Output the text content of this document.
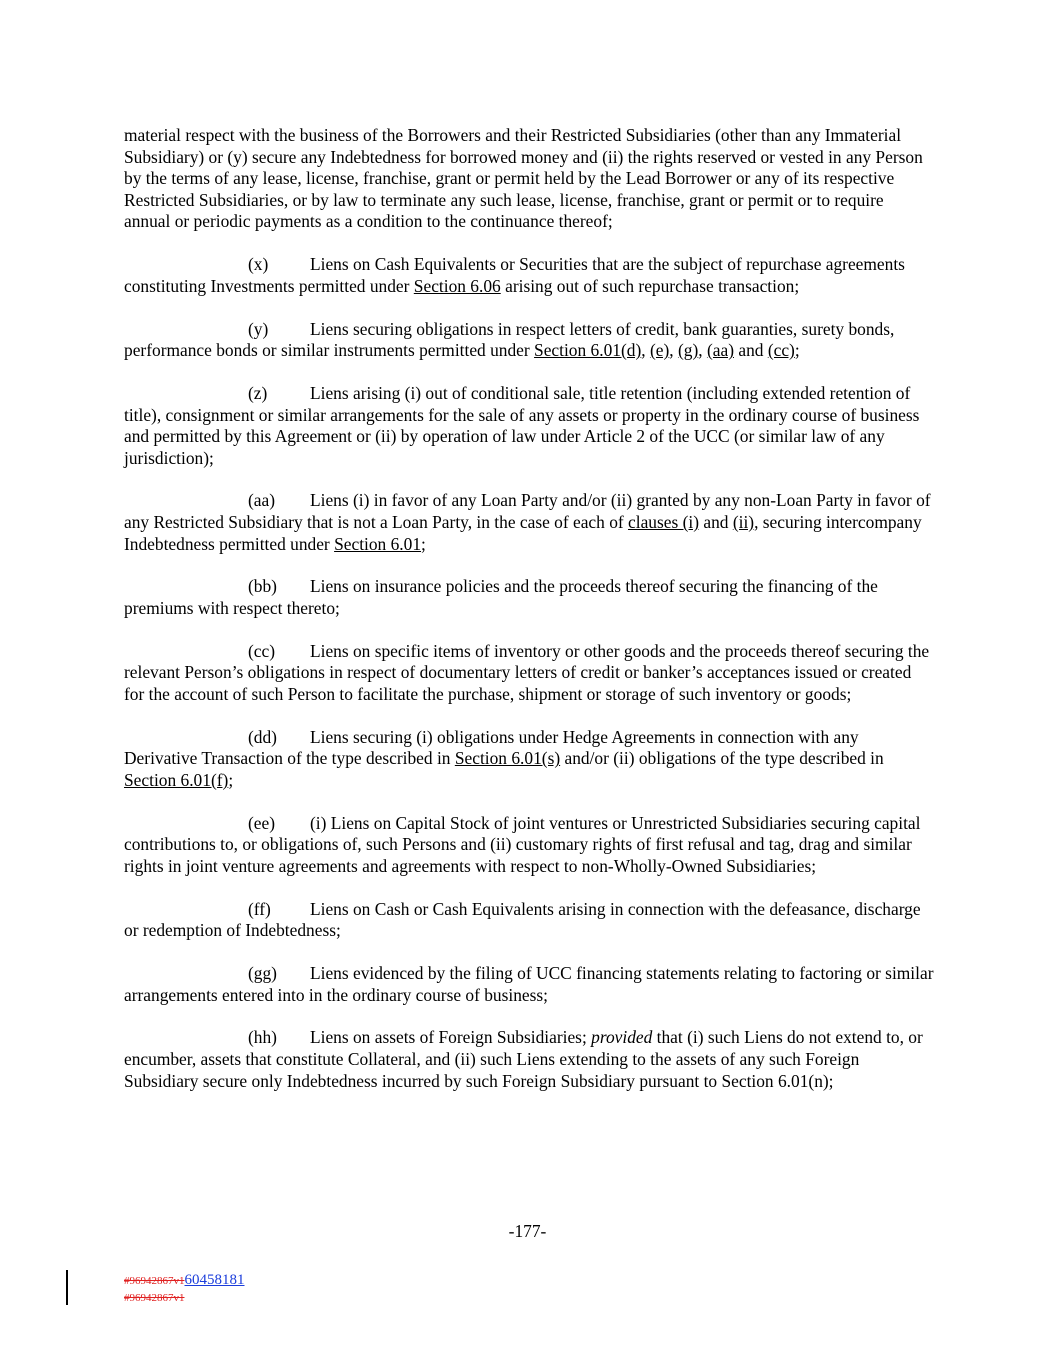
material respect with the business of the Borrowers and their Restricted Subsidiaries (other than any Immaterial Subsidiary) or (y) secure any Indebtedness for borrowed money and (ii) the rights reserved or vested in any Person by the terms of any lease, license, franchise, grant or permit held by the Lead Borrower or any of its respective Restricted Subsidiaries, or by law to terminate any such lease, license, franchise, grant or permit or to require annual or periodic payments as a condition to the continuance thereof;

(x) Liens on Cash Equivalents or Securities that are the subject of repurchase agreements constituting Investments permitted under Section 6.06 arising out of such repurchase transaction;

(y) Liens securing obligations in respect letters of credit, bank guaranties, surety bonds, performance bonds or similar instruments permitted under Section 6.01(d), (e), (g), (aa) and (cc);

(z) Liens arising (i) out of conditional sale, title retention (including extended retention of title), consignment or similar arrangements for the sale of any assets or property in the ordinary course of business and permitted by this Agreement or (ii) by operation of law under Article 2 of the UCC (or similar law of any jurisdiction);

(aa) Liens (i) in favor of any Loan Party and/or (ii) granted by any non-Loan Party in favor of any Restricted Subsidiary that is not a Loan Party, in the case of each of clauses (i) and (ii), securing intercompany Indebtedness permitted under Section 6.01;

(bb) Liens on insurance policies and the proceeds thereof securing the financing of the premiums with respect thereto;

(cc) Liens on specific items of inventory or other goods and the proceeds thereof securing the relevant Person’s obligations in respect of documentary letters of credit or banker’s acceptances issued or created for the account of such Person to facilitate the purchase, shipment or storage of such inventory or goods;

(dd) Liens securing (i) obligations under Hedge Agreements in connection with any Derivative Transaction of the type described in Section 6.01(s) and/or (ii) obligations of the type described in Section 6.01(f);

(ee) (i) Liens on Capital Stock of joint ventures or Unrestricted Subsidiaries securing capital contributions to, or obligations of, such Persons and (ii) customary rights of first refusal and tag, drag and similar rights in joint venture agreements and agreements with respect to non-Wholly-Owned Subsidiaries;

(ff) Liens on Cash or Cash Equivalents arising in connection with the defeasance, discharge or redemption of Indebtedness;

(gg) Liens evidenced by the filing of UCC financing statements relating to factoring or similar arrangements entered into in the ordinary course of business;

(hh) Liens on assets of Foreign Subsidiaries; provided that (i) such Liens do not extend to, or encumber, assets that constitute Collateral, and (ii) such Liens extending to the assets of any such Foreign Subsidiary secure only Indebtedness incurred by such Foreign Subsidiary pursuant to Section 6.01(n);

-177-
#96942867v160458181
#96942867v1
